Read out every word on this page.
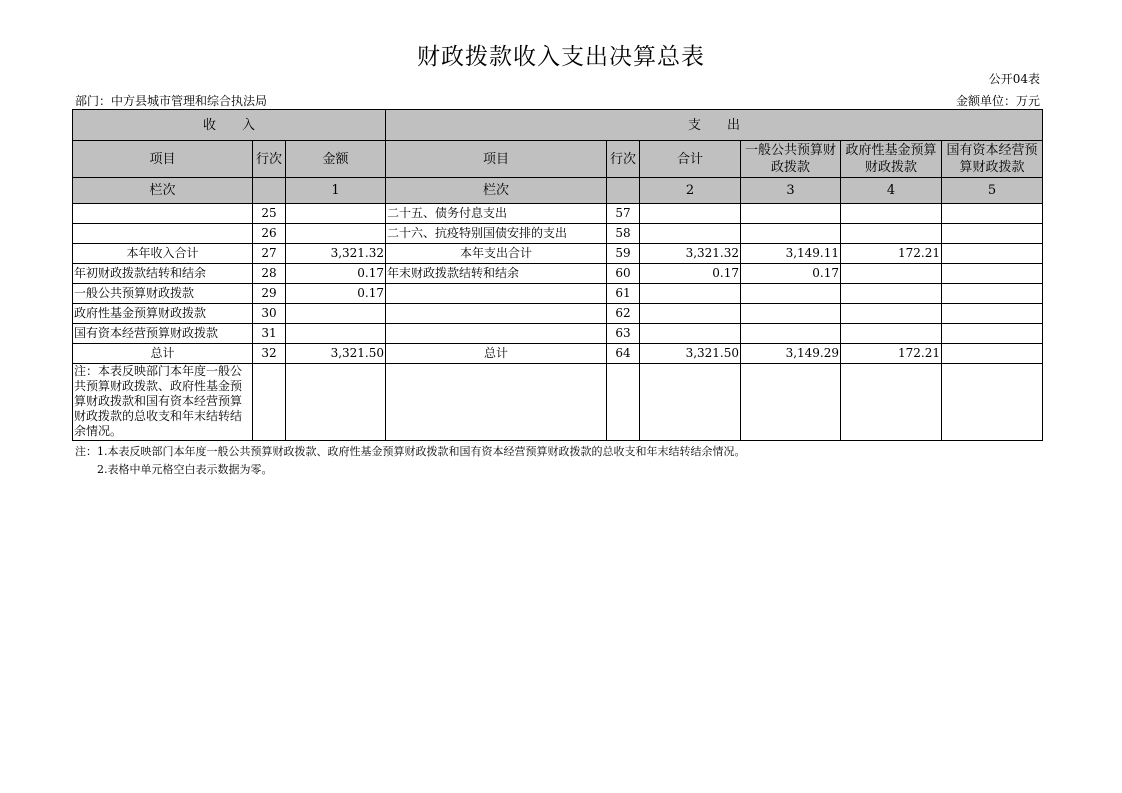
财政拨款收入支出决算总表
公开04表
部门：中方县城市管理和综合执法局	金额单位：万元
收　　入			支　　出					
项目	行次	金额	项目	行次	合计	一般公共预算财政拨款	政府性基金预算财政拨款	国有资本经营预算财政拨款
栏次		1	栏次		2	3	4	5
	25		二十五、债务付息支出	57				
	26		二十六、抗疫特别国债安排的支出	58				
本年收入合计	27	3,321.32	本年支出合计	59	3,321.32	3,149.11	172.21	
年初财政拨款结转和结余	28	0.17	年末财政拨款结转和结余	60	0.17	0.17		
一般公共预算财政拨款	29	0.17		61				
政府性基金预算财政拨款	30			62				
国有资本经营预算财政拨款	31			63				
总计	32	3,321.50	总计	64	3,321.50	3,149.29	172.21	
注：本表反映部门本年度一般公共预算财政拨款、政府性基金预算财政拨款和国有资本经营预算财政拨款的总收支和年末结转结余情况。								
注：1.本表反映部门本年度一般公共预算财政拨款、政府性基金预算财政拨款和国有资本经营预算财政拨款的总收支和年末结转结余情况。
2.表格中单元格空白表示数据为零。
